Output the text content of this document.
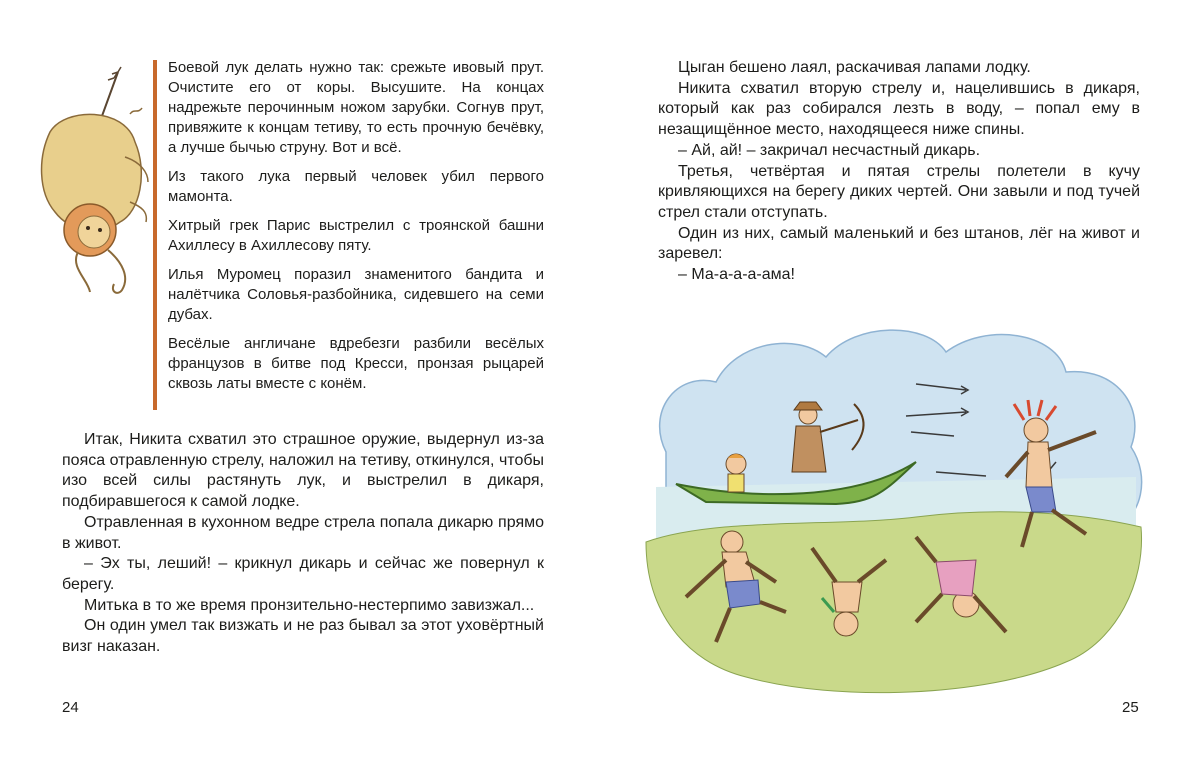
Боевой лук делать нужно так: срежьте ивовый прут. Очистите его от коры. Высушите. На концах надрежьте перочинным ножом зарубки. Согнув прут, привяжите к концам тетиву, то есть прочную бечёвку, а лучше бычью струну. Вот и всё.

Из такого лука первый человек убил первого мамонта.

Хитрый грек Парис выстрелил с троянской башни Ахиллесу в Ахиллесову пяту.

Илья Муромец поразил знаменитого бандита и налётчика Соловья-разбойника, сидевшего на семи дубах.

Весёлые англичане вдребезги разбили весёлых французов в битве под Кресси, пронзая рыцарей сквозь латы вместе с конём.

Итак, Никита схватил это страшное оружие, выдернул из-за пояса отравленную стрелу, наложил на тетиву, откинулся, чтобы изо всей силы растянуть лук, и выстрелил в дикаря, подбиравшегося к самой лодке.

Отравленная в кухонном ведре стрела попала дикарю прямо в живот.

– Эх ты, леший! – крикнул дикарь и сейчас же повернул к берегу.

Митька в то же время пронзительно-нестерпимо завизжал...

Он один умел так визжать и не раз бывал за этот уховёртный визг наказан.

24

Цыган бешено лаял, раскачивая лапами лодку.

Никита схватил вторую стрелу и, нацелившись в дикаря, который как раз собирался лезть в воду, – попал ему в незащищённое место, находящееся ниже спины.

– Ай, ай! – закричал несчастный дикарь.

Третья, четвёртая и пятая стрелы полетели в кучу кривляющихся на берегу диких чертей. Они завыли и под тучей стрел стали отступать.

Один из них, самый маленький и без штанов, лёг на живот и заревел:

– Ма-а-а-а-ама!

25
